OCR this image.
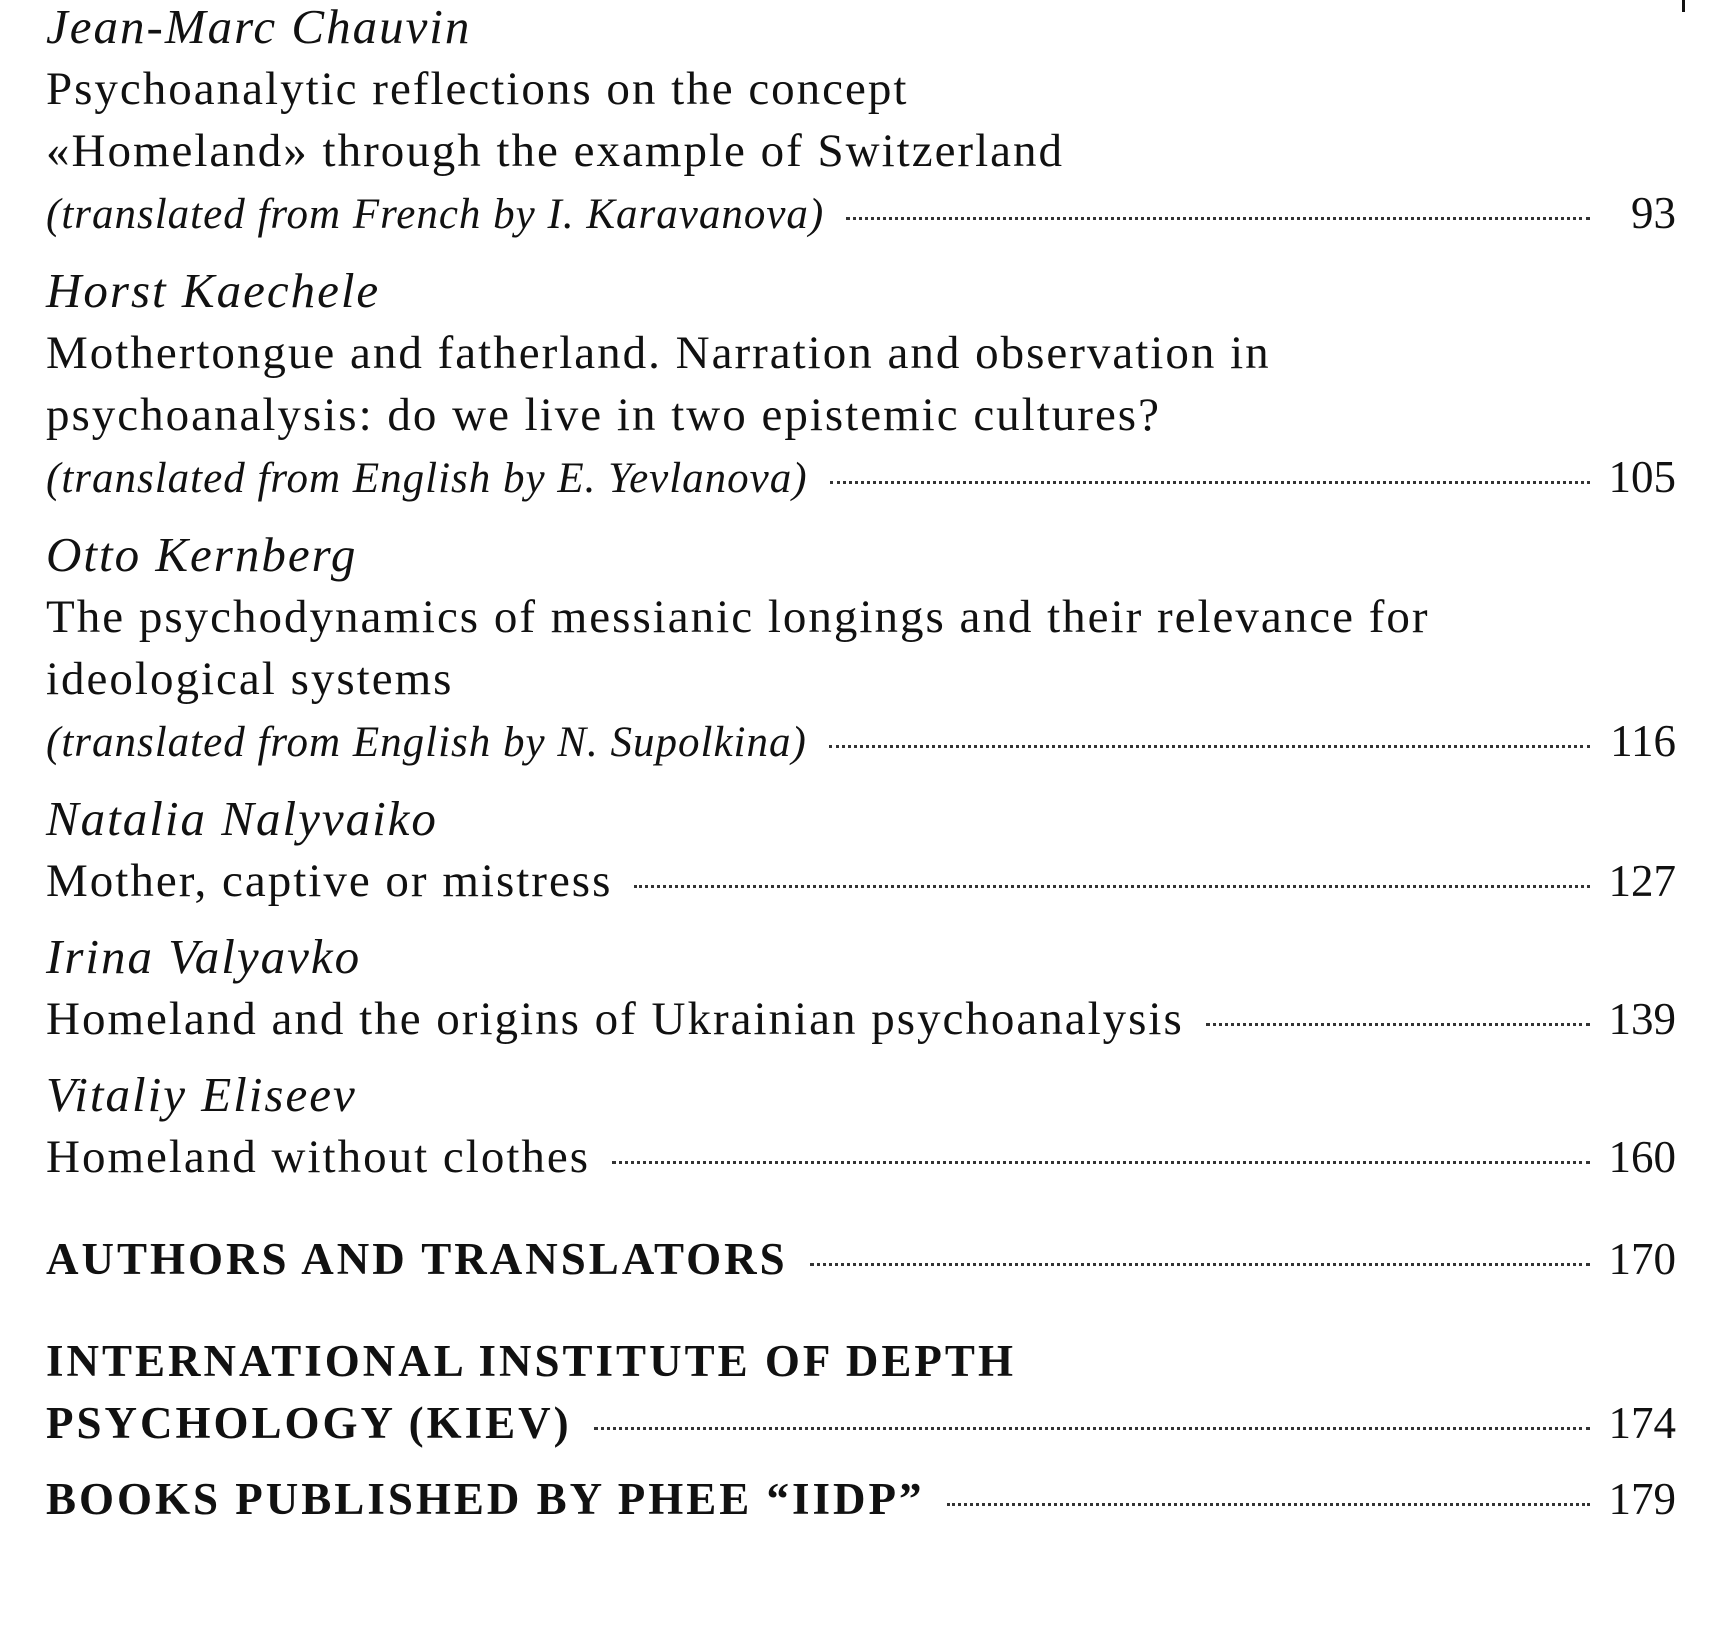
Jean-Marc Chauvin
Psychoanalytic reflections on the concept
«Homeland» through the example of Switzerland
(translated from French by I. Karavanova)	93
Horst Kaechele
Mothertongue and fatherland. Narration and observation in
psychoanalysis: do we live in two epistemic cultures?
(translated from English by E. Yevlanova)	105
Otto Kernberg
The psychodynamics of messianic longings and their relevance for
ideological systems
(translated from English by N. Supolkina)	116
Natalia Nalyvaiko
Mother, captive or mistress	127
Irina Valyavko
Homeland and the origins of Ukrainian psychoanalysis	139
Vitaliy Eliseev
Homeland without clothes	160
AUTHORS AND TRANSLATORS	170
INTERNATIONAL INSTITUTE OF DEPTH
PSYCHOLOGY (KIEV)	174
BOOKS PUBLISHED BY PHEE “IIDP”	179
